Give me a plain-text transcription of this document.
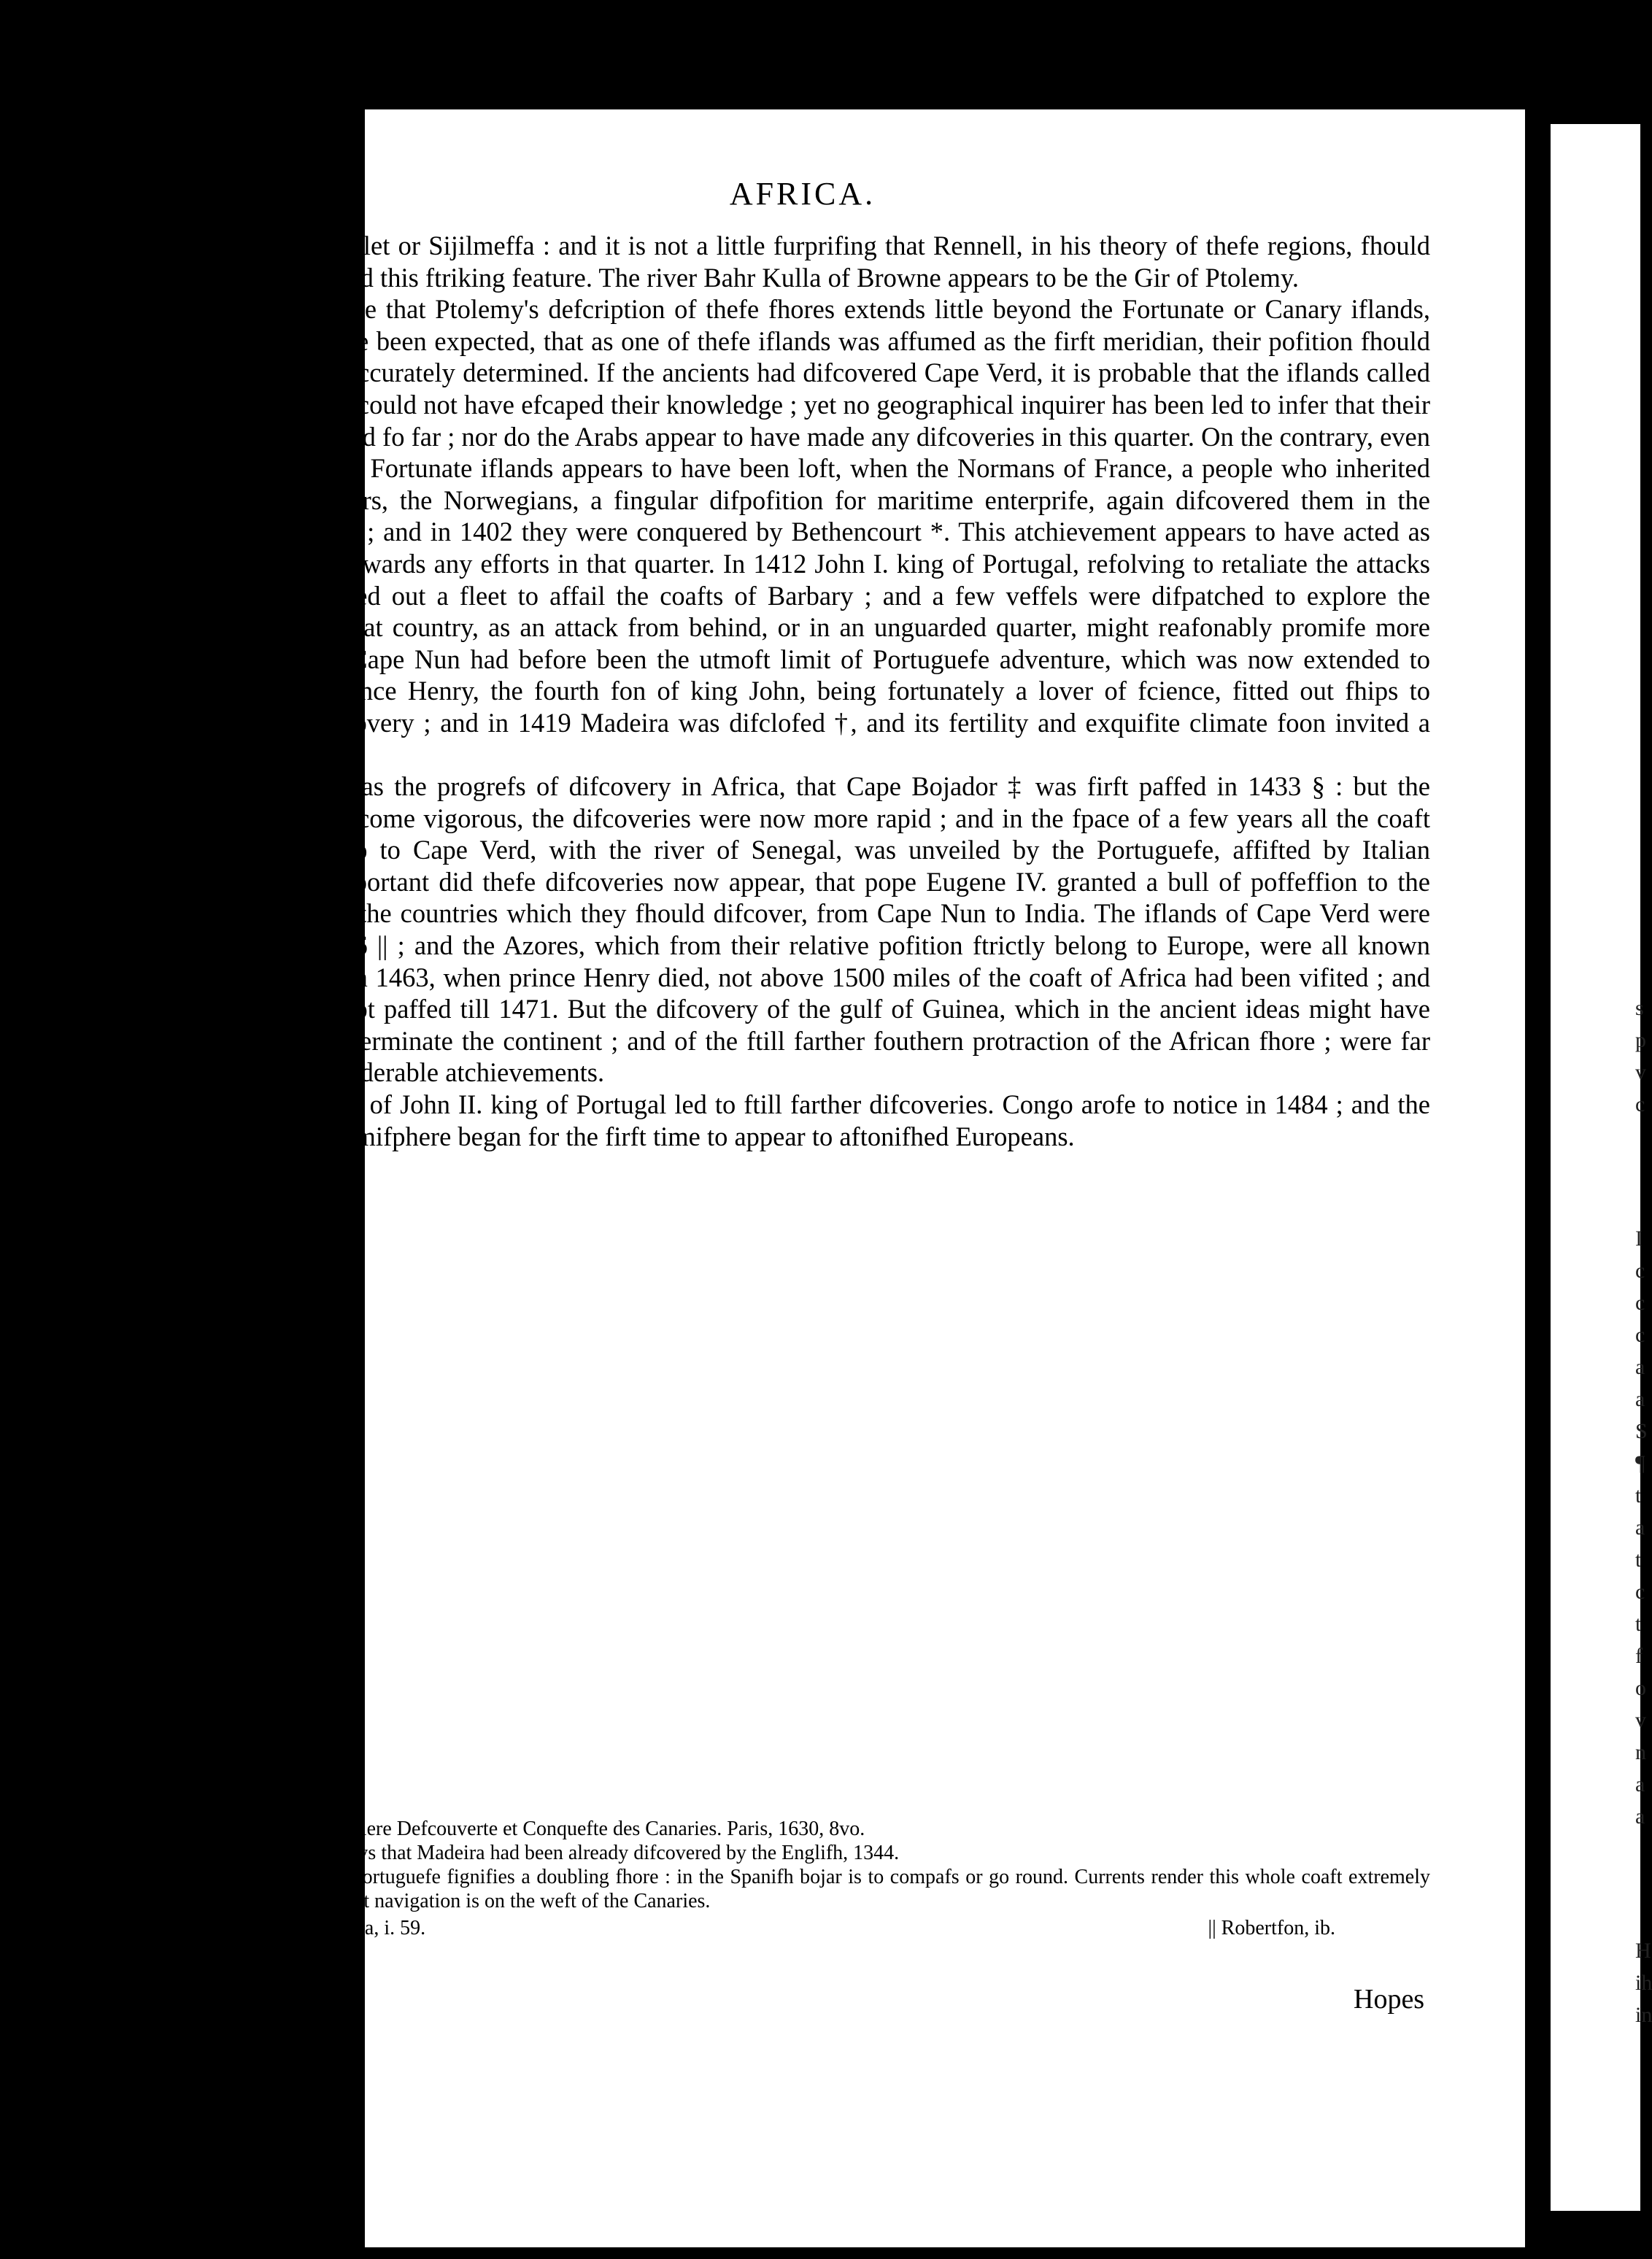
s
p
v
c
I
c
c
c
a
a
S
¶
t
a
t
c
t
f
o
v
n
a
a
H
ih
in
AFRICA.
744

the country of Tafilet or Sijilmeffa : and it is not a little furprifing that Rennell, in his theory of thefe regions, fhould have totally omitted this ftriking feature. The river Bahr Kulla of Browne appears to be the Gir of Ptolemy.

It is remarkable that Ptolemy's defcription of thefe fhores extends little beyond the Fortunate or Canary iflands, though it may have been expected, that as one of thefe iflands was affumed as the firft meridian, their pofition fhould have been pretty accurately determined. If the ancients had difcovered Cape Verd, it is probable that the iflands called by the fame name could not have efcaped their knowledge ; yet no geographical inquirer has been led to infer that their geography extended fo far ; nor do the Arabs appear to have made any difcoveries in this quarter. On the contrary, even the memory of the Fortunate iflands appears to have been loft, when the Normans of France, a people who inherited from their anceftors, the Norwegians, a fingular difpofition for maritime enterprife, again difcovered them in the fourteenth century ; and in 1402 they were conquered by Bethencourt *. This atchievement appears to have acted as the firft impulfe towards any efforts in that quarter. In 1412 John I. king of Portugal, refolving to retaliate the attacks of the Moors, fitted out a fleet to affail the coafts of Barbary ; and a few veffels were difpatched to explore the fouthern part of that country, as an attack from behind, or in an unguarded quarter, might reafonably promife more decifive fuccefs. Cape Nun had before been the utmoft limit of Portuguefe adventure, which was now extended to Cape Bojador. Prince Henry, the fourth fon of king John, being fortunately a lover of fcience, fitted out fhips to profecute the difcovery ; and in 1419 Madeira was difclofed †, and its fertility and exquifite climate foon invited a fmall colony.

Yet fo flow was the progrefs of difcovery in Africa, that Cape Bojador ‡ was firft paffed in 1433 § : but the impulfe having become vigorous, the difcoveries were now more rapid ; and in the fpace of a few years all the coaft from Cape Blanco to Cape Verd, with the river of Senegal, was unveiled by the Portuguefe, affifted by Italian navigators. So important did thefe difcoveries now appear, that pope Eugene IV. granted a bull of poffeffion to the Portuguefe, of all the countries which they fhould difcover, from Cape Nun to India. The iflands of Cape Verd were difcovered in 1446 || ; and the Azores, which from their relative pofition ftrictly belong to Europe, were all known before 1449. Yet in 1463, when prince Henry died, not above 1500 miles of the coaft of Africa had been vifited ; and the equator was not paffed till 1471. But the difcovery of the gulf of Guinea, which in the ancient ideas might have been expected to terminate the continent ; and of the ftill farther fouthern protraction of the African fhore ; were far from being inconfiderable atchievements.

The protection of John II. king of Portugal led to ftill farther difcoveries. Congo arofe to notice in 1484 ; and the ftars of another hemifphere began for the firft time to appear to aftonifhed Europeans.

* Hiftoire de la premiere Defcouverte et Conquefte des Canaries. Paris, 1630, 8vo.

† Bergeron, p. 38, fays that Madeira had been already difcovered by the Englifh, 1344.

‡ This word in the Portuguefe fignifies a doubling fhore : in the Spanifh bojar is to compafs or go round. Currents render this whole coaft extremely dangerous ; and the fafeft navigation is on the weft of the Canaries.

§ Robertfon's America, i. 59.	|| Robertfon, ib.

Hopes
